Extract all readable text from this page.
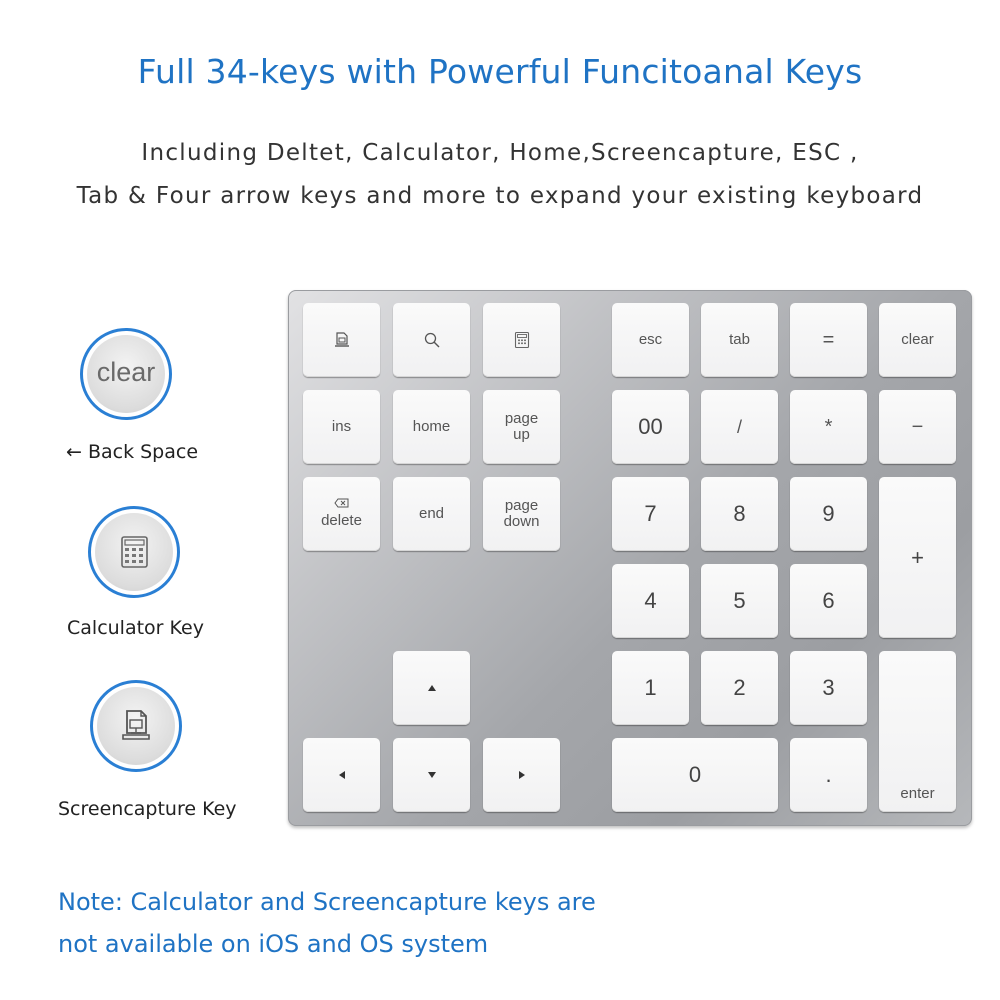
Full 34-keys with Powerful Funcitoanal Keys
Including Deltet, Calculator, Home,Screencapture, ESC ,
Tab & Four arrow keys and more to expand your existing keyboard
clear
← Back Space
Calculator Key
Screencapture Key
ins	home	page
up
delete	end	page
down
esc	tab	=	clear
00	/	*	−
7	8	9
+
4	5	6
1	2	3
enter
0	.
Note: Calculator and Screencapture keys are
not available on iOS and OS system
